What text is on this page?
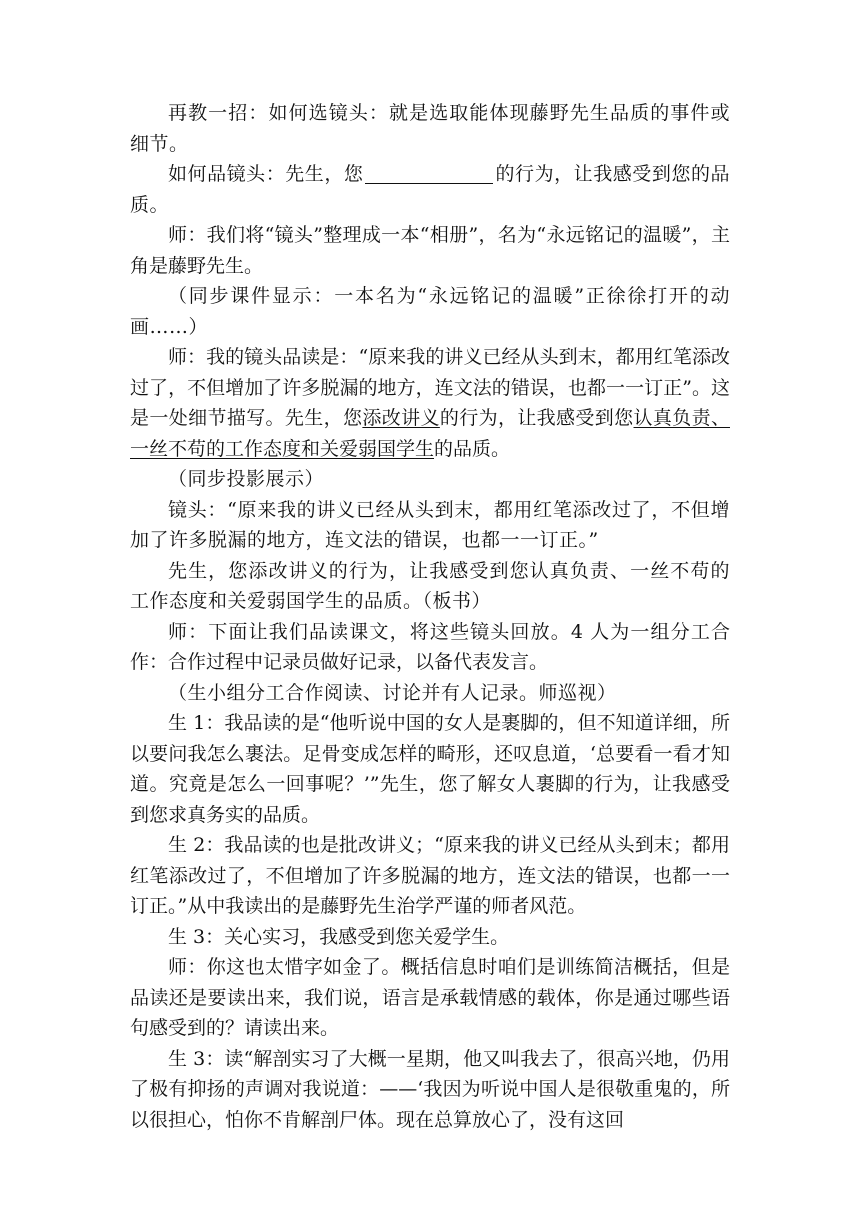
再教一招：如何选镜头：就是选取能体现藤野先生品质的事件或细节。

如何品镜头：先生，您	的行为，让我感受到您的品质。

师：我们将“镜头”整理成一本“相册”，名为“永远铭记的温暖”，主角是藤野先生。

（同步课件显示：一本名为“永远铭记的温暖”正徐徐打开的动画……）

师：我的镜头品读是：“原来我的讲义已经从头到末，都用红笔添改过了，不但增加了许多脱漏的地方，连文法的错误，也都一一订正”。这是一处细节描写。先生，您添改讲义的行为，让我感受到您认真负责、一丝不苟的工作态度和关爱弱国学生的品质。

（同步投影展示）

镜头：“原来我的讲义已经从头到末，都用红笔添改过了，不但增加了许多脱漏的地方，连文法的错误，也都一一订正。”

先生，您添改讲义的行为，让我感受到您认真负责、一丝不苟的工作态度和关爱弱国学生的品质。（板书）

师：下面让我们品读课文，将这些镜头回放。4 人为一组分工合作：合作过程中记录员做好记录，以备代表发言。

（生小组分工合作阅读、讨论并有人记录。师巡视）

生 1：我品读的是“他听说中国的女人是裹脚的，但不知道详细，所以要问我怎么裹法。足骨变成怎样的畸形，还叹息道，‘总要看一看才知道。究竟是怎么一回事呢？’”先生，您了解女人裹脚的行为，让我感受到您求真务实的品质。

生 2：我品读的也是批改讲义；“原来我的讲义已经从头到末；都用红笔添改过了，不但增加了许多脱漏的地方，连文法的错误，也都一一订正。”从中我读出的是藤野先生治学严谨的师者风范。

生 3：关心实习，我感受到您关爱学生。

师：你这也太惜字如金了。概括信息时咱们是训练简洁概括，但是品读还是要读出来，我们说，语言是承载情感的载体，你是通过哪些语句感受到的？请读出来。

生 3：读“解剖实习了大概一星期，他又叫我去了，很高兴地，仍用了极有抑扬的声调对我说道：——‘我因为听说中国人是很敬重鬼的，所以很担心，怕你不肯解剖尸体。现在总算放心了，没有这回
